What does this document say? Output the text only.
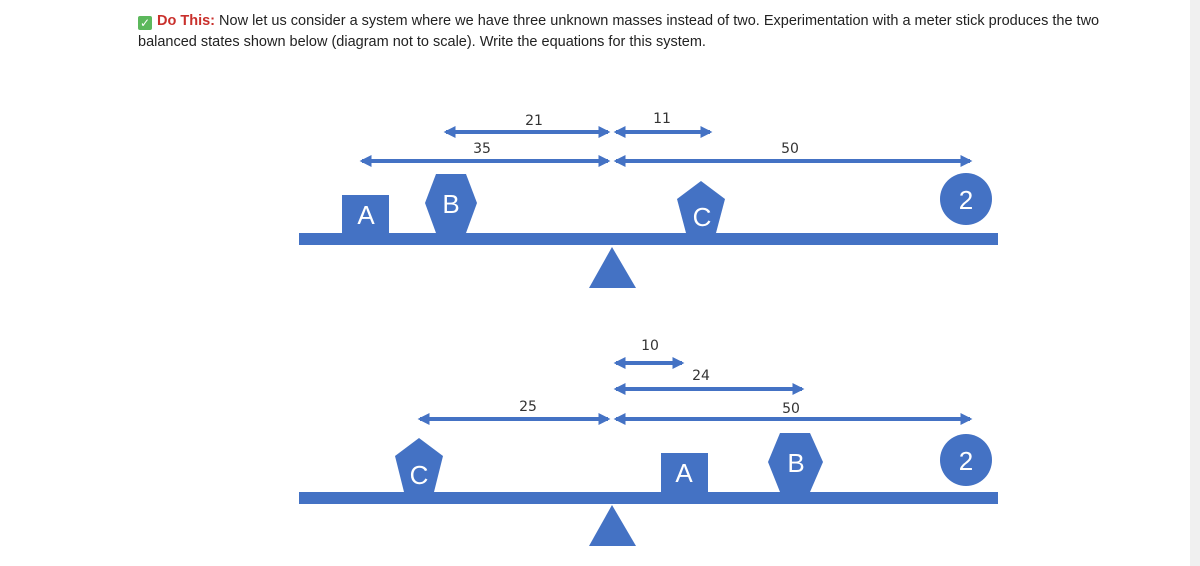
✓ Do This: Now let us consider a system where we have three unknown masses instead of two. Experimentation with a meter stick produces the two balanced states shown below (diagram not to scale). Write the equations for this system.
35
21	11
50
A	B	C
2
10
24
25	50
C	A	B	2
